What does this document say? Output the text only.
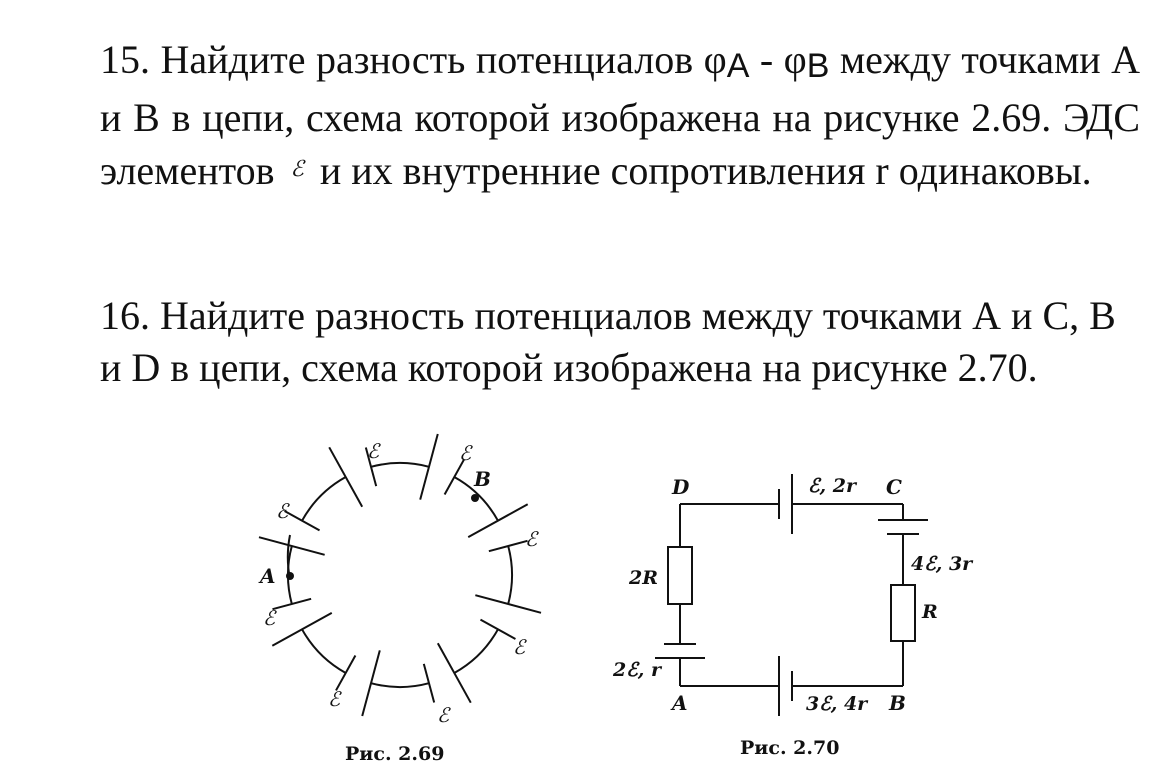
15. Найдите разность потенциалов φA - φB между точками А и В в цепи, схема которой изображена на рисунке 2.69. ЭДС элементов $^ℰ$ и их внутренние сопротивления r одинаковы.
16. Найдите разность потенциалов между точками А и С, В и D в цепи, схема которой изображена на рисунке 2.70.
A
B
ℰ	ℰ
ℰ
ℰ
ℰ
ℰ
ℰ
ℰ
Рис. 2.69
D	C
A	B
ℰ, 2r
4ℰ, 3r
2ℰ, r
3ℰ, 4r
2R
R
Рис. 2.70
